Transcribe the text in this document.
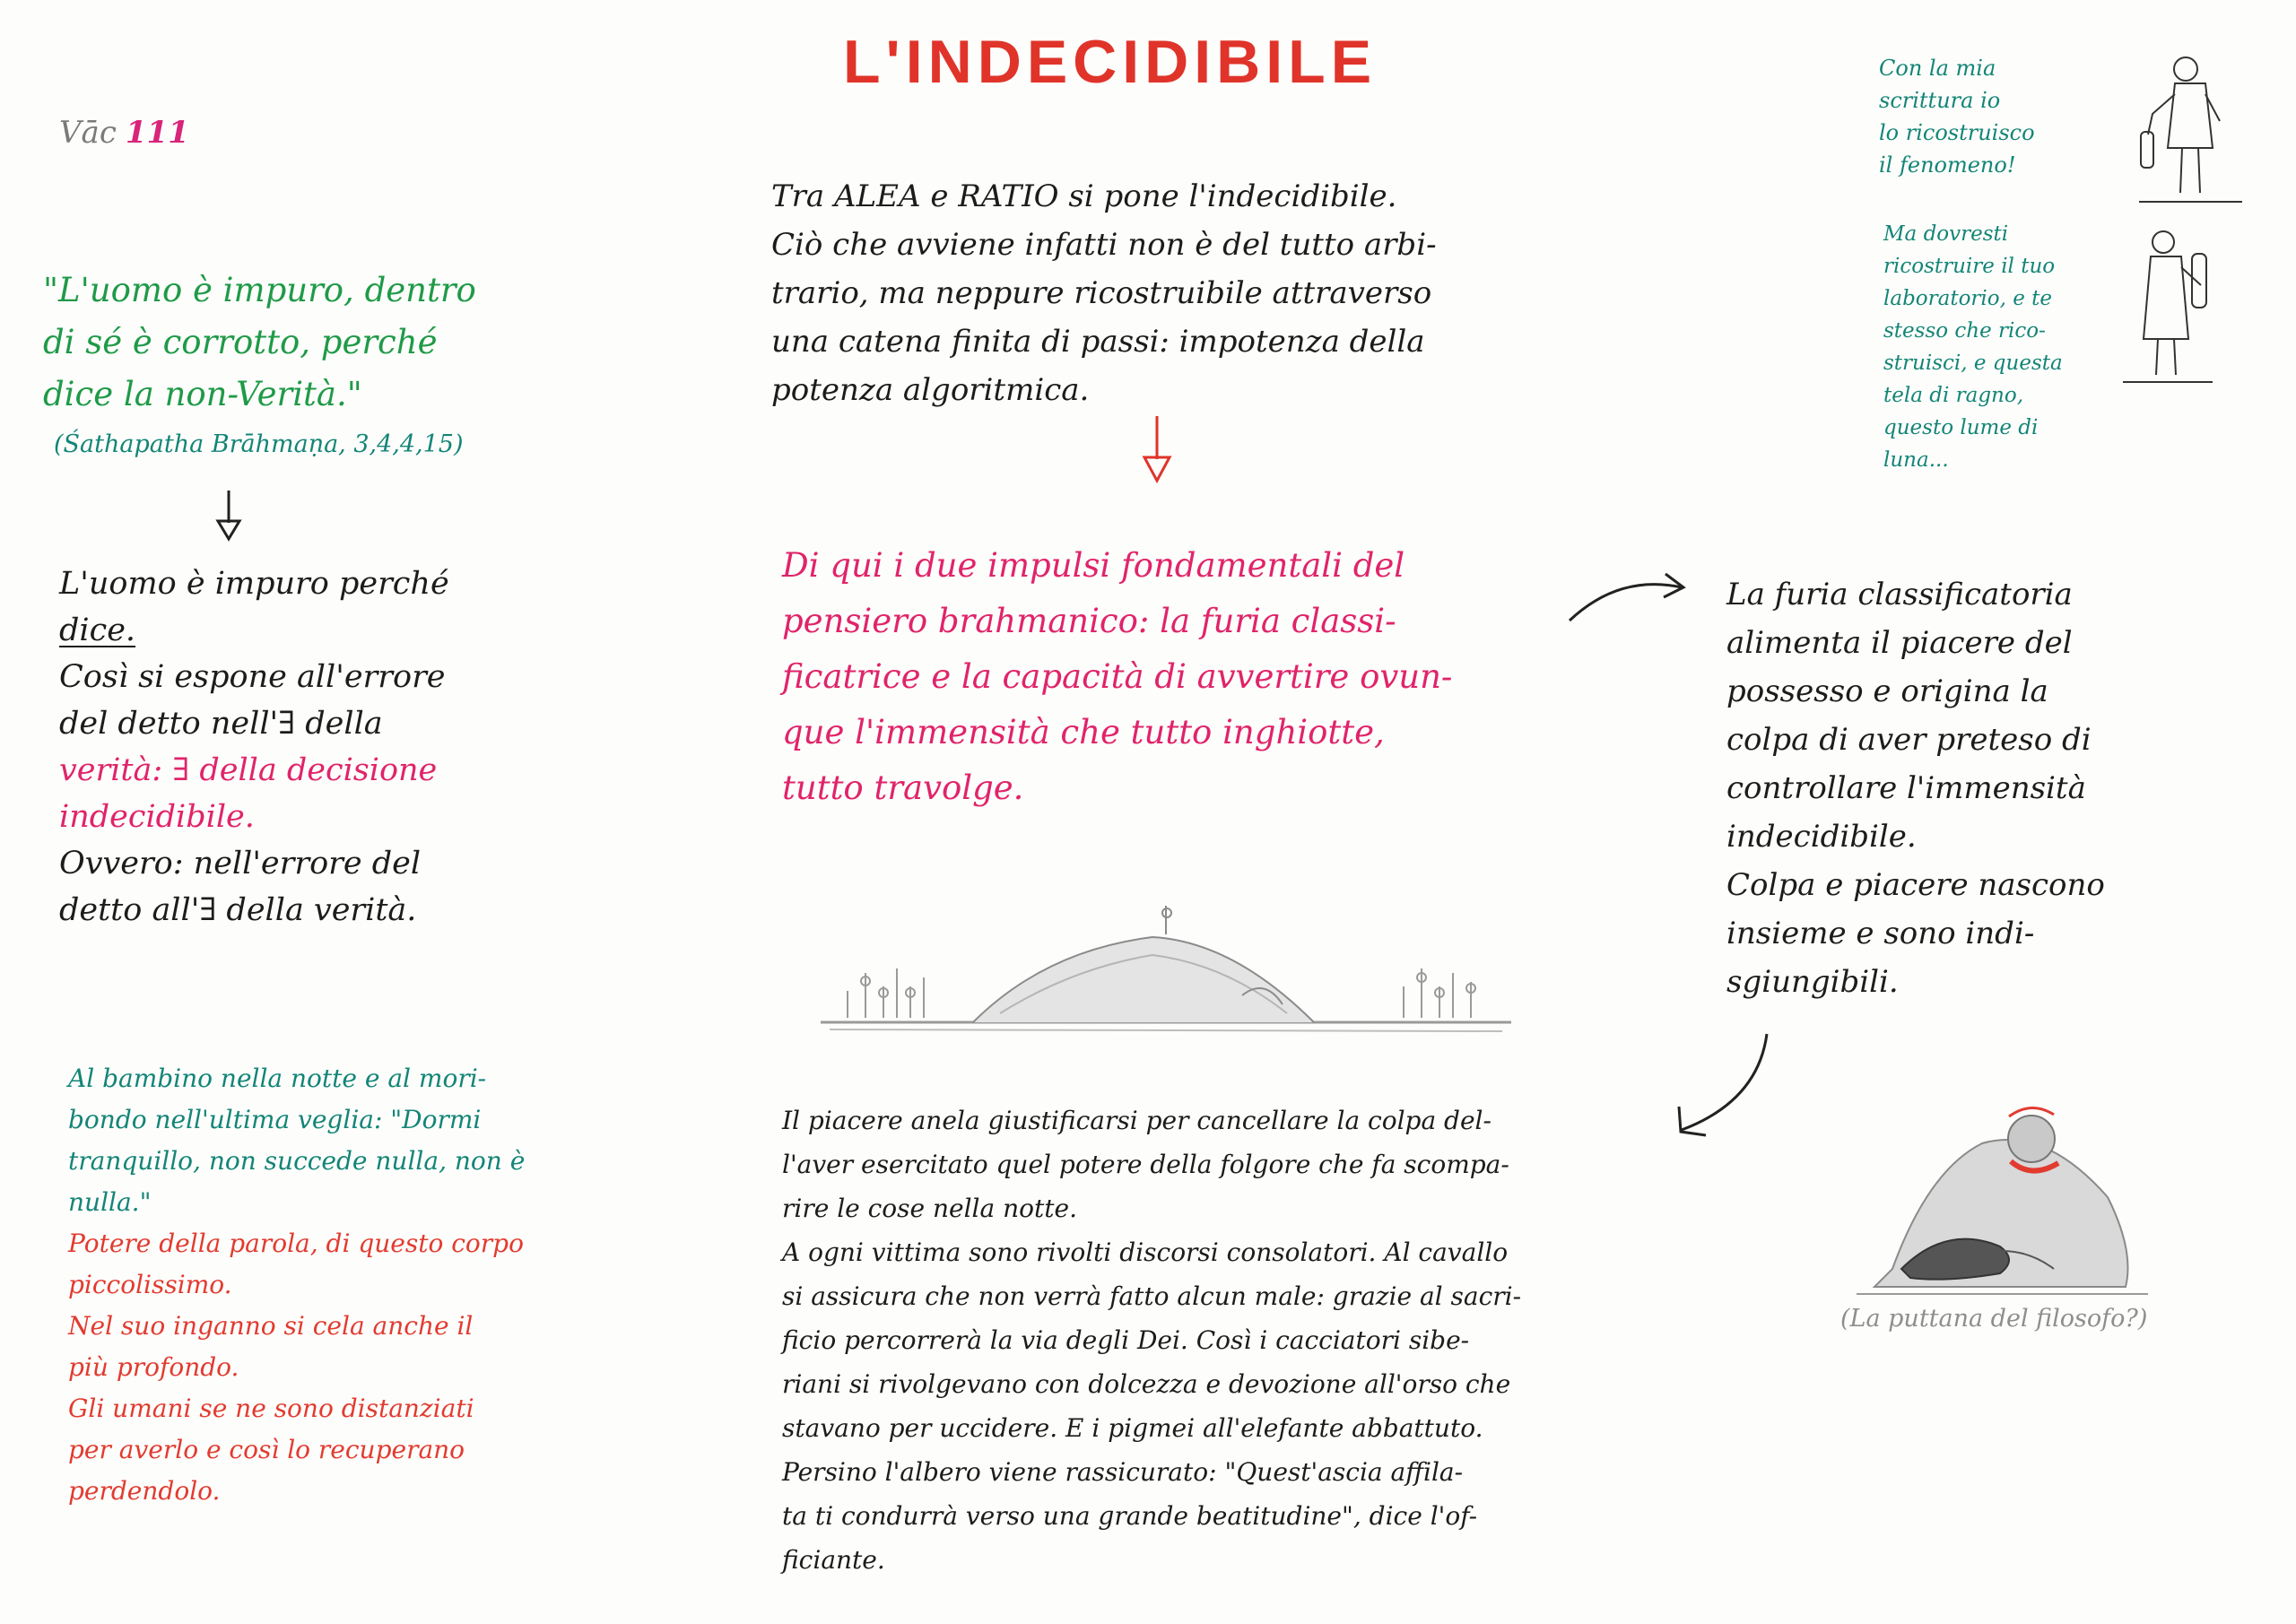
L'INDECIDIBILE
Vāc 111
"L'uomo è impuro, dentro
di sé è corrotto, perché
dice la non-Verità."
(Śathapatha Brāhmaṇa, 3,4,4,15)
L'uomo è impuro perché
dice.
Così si espone all'errore
del detto nell'∃ della
verità: ∃ della decisione
indecidibile.
Ovvero: nell'errore del
detto all'∃ della verità.
Al bambino nella notte e al mori-
bondo nell'ultima veglia: "Dormi
tranquillo, non succede nulla, non è
nulla."
Potere della parola, di questo corpo
piccolissimo.
Nel suo inganno si cela anche il
più profondo.
Gli umani se ne sono distanziati
per averlo e così lo recuperano
perdendolo.
Tra ALEA e RATIO si pone l'indecidibile.
Ciò che avviene infatti non è del tutto arbi-
trario, ma neppure ricostruibile attraverso
una catena finita di passi: impotenza della
potenza algoritmica.
Di qui i due impulsi fondamentali del
pensiero brahmanico: la furia classi-
ficatrice e la capacità di avvertire ovun-
que l'immensità che tutto inghiotte,
tutto travolge.
Il piacere anela giustificarsi per cancellare la colpa del-
l'aver esercitato quel potere della folgore che fa scompa-
rire le cose nella notte.
A ogni vittima sono rivolti discorsi consolatori. Al cavallo
si assicura che non verrà fatto alcun male: grazie al sacri-
ficio percorrerà la via degli Dei. Così i cacciatori sibe-
riani si rivolgevano con dolcezza e devozione all'orso che
stavano per uccidere. E i pigmei all'elefante abbattuto.
Persino l'albero viene rassicurato: "Quest'ascia affila-
ta ti condurrà verso una grande beatitudine", dice l'of-
ficiante.
Con la mia
scrittura io
lo ricostruisco
il fenomeno!
Ma dovresti
ricostruire il tuo
laboratorio, e te
stesso che rico-
struisci, e questa
tela di ragno,
questo lume di
luna...
La furia classificatoria
alimenta il piacere del
possesso e origina la
colpa di aver preteso di
controllare l'immensità
indecidibile.
Colpa e piacere nascono
insieme e sono indi-
sgiungibili.
(La puttana del filosofo?)
